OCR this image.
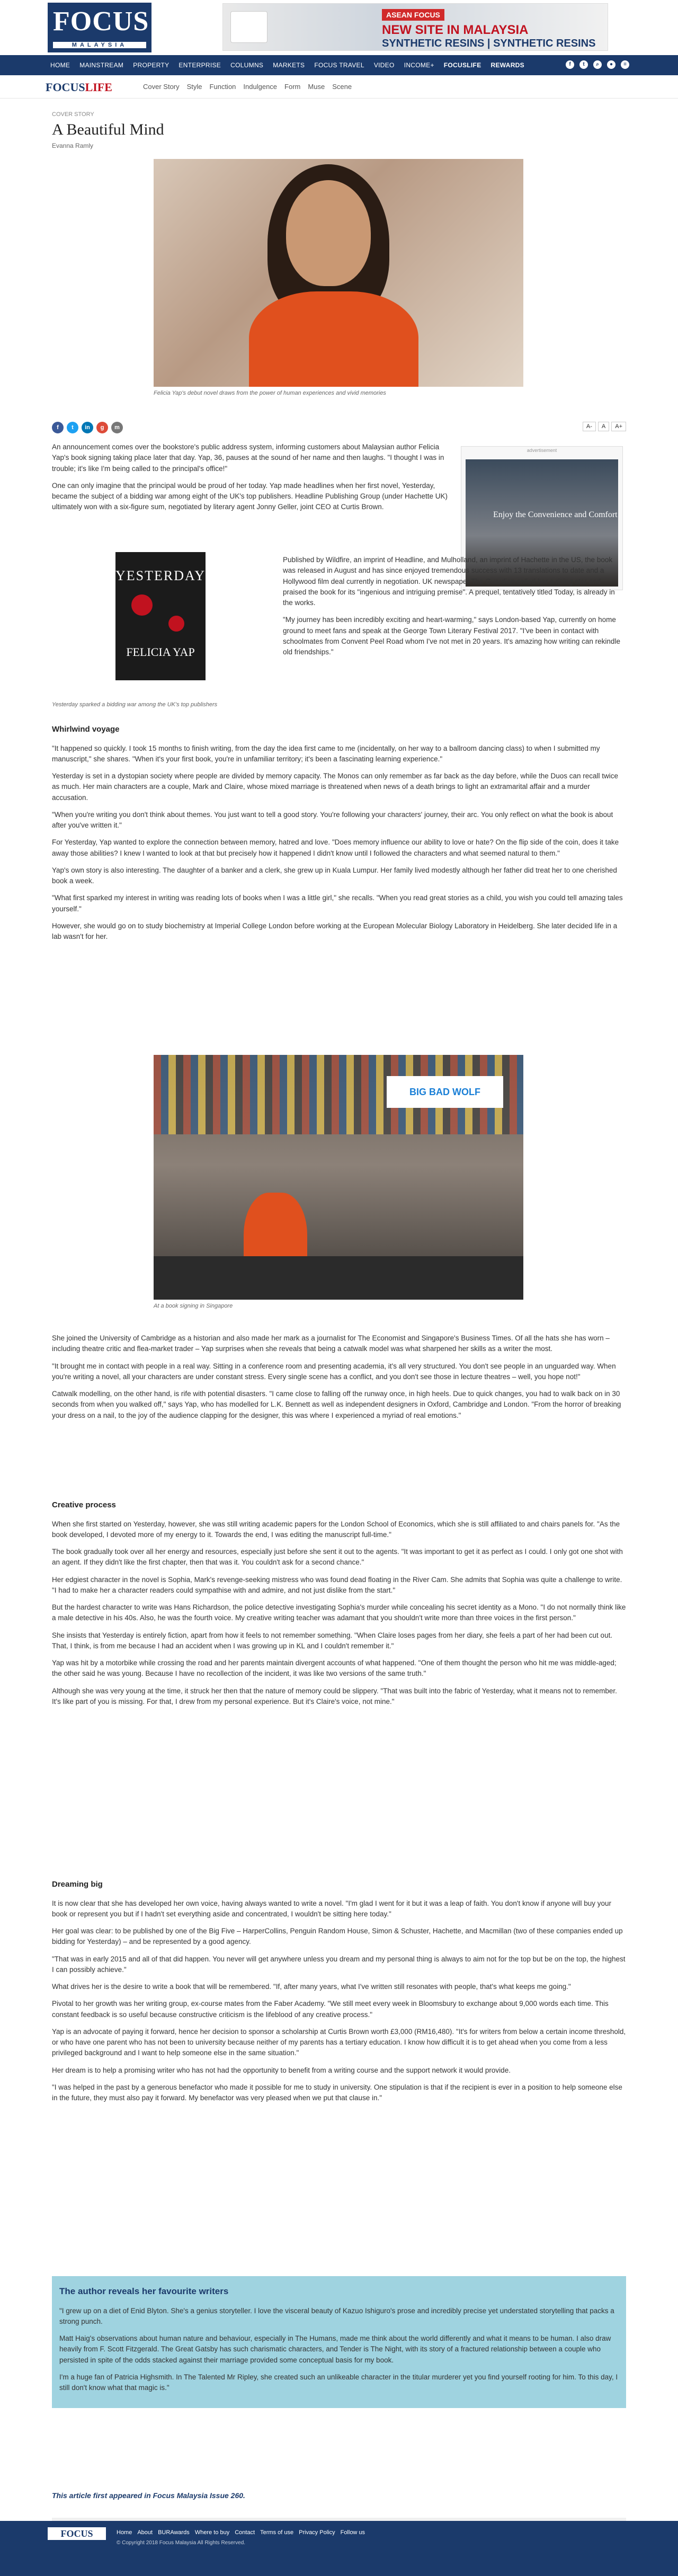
FOCUS
MALAYSIA
ASEAN FOCUS
NEW SITE IN MALAYSIA
SYNTHETIC RESINS | SYNTHETIC RESINS
HOME	MAINSTREAM	PROPERTY	ENTERPRISE	COLUMNS	MARKETS	FOCUS TRAVEL	VIDEO	INCOME+	FOCUSLIFE	REWARDS	f	t	⌕	●	≡
FOCUSLIFE	Cover Story Style Function Indulgence Form Muse Scene
COVER STORY
A Beautiful Mind
Evanna Ramly
Felicia Yap's debut novel draws from the power of human experiences and vivid memories
f	t	in	g	m	A-	A	A+

An announcement comes over the bookstore's public address system, informing customers about Malaysian author Felicia Yap's book signing taking place later that day. Yap, 36, pauses at the sound of her name and then laughs. "I thought I was in trouble; it's like I'm being called to the principal's office!"

One can only imagine that the principal would be proud of her today. Yap made headlines when her first novel, Yesterday, became the subject of a bidding war among eight of the UK's top publishers. Headline Publishing Group (under Hachette UK) ultimately won with a six-figure sum, negotiated by literary agent Jonny Geller, joint CEO at Curtis Brown.

advertisement
Enjoy the Convenience and Comfort
YESTERDAY
FELICIA YAP
Yesterday sparked a bidding war among the UK's top publishers

Published by Wildfire, an imprint of Headline, and Mulholland, an imprint of Hachette in the US, the book was released in August and has since enjoyed tremendous success with 13 translations to date and a Hollywood film deal currently in negotiation. UK newspaper The Guardian called her a rising star and praised the book for its "ingenious and intriguing premise". A prequel, tentatively titled Today, is already in the works.

"My journey has been incredibly exciting and heart-warming," says London-based Yap, currently on home ground to meet fans and speak at the George Town Literary Festival 2017. "I've been in contact with schoolmates from Convent Peel Road whom I've not met in 20 years. It's amazing how writing can rekindle old friendships."

Whirlwind voyage

"It happened so quickly. I took 15 months to finish writing, from the day the idea first came to me (incidentally, on her way to a ballroom dancing class) to when I submitted my manuscript," she shares. "When it's your first book, you're in unfamiliar territory; it's been a fascinating learning experience."

Yesterday is set in a dystopian society where people are divided by memory capacity. The Monos can only remember as far back as the day before, while the Duos can recall twice as much. Her main characters are a couple, Mark and Claire, whose mixed marriage is threatened when news of a death brings to light an extramarital affair and a murder accusation.

"When you're writing you don't think about themes. You just want to tell a good story. You're following your characters' journey, their arc. You only reflect on what the book is about after you've written it."

For Yesterday, Yap wanted to explore the connection between memory, hatred and love. "Does memory influence our ability to love or hate? On the flip side of the coin, does it take away those abilities? I knew I wanted to look at that but precisely how it happened I didn't know until I followed the characters and what seemed natural to them."

Yap's own story is also interesting. The daughter of a banker and a clerk, she grew up in Kuala Lumpur. Her family lived modestly although her father did treat her to one cherished book a week.

"What first sparked my interest in writing was reading lots of books when I was a little girl," she recalls. "When you read great stories as a child, you wish you could tell amazing tales yourself."

However, she would go on to study biochemistry at Imperial College London before working at the European Molecular Biology Laboratory in Heidelberg. She later decided life in a lab wasn't for her.

BIG BAD WOLF
At a book signing in Singapore

She joined the University of Cambridge as a historian and also made her mark as a journalist for The Economist and Singapore's Business Times. Of all the hats she has worn – including theatre critic and flea-market trader – Yap surprises when she reveals that being a catwalk model was what sharpened her skills as a writer the most.

"It brought me in contact with people in a real way. Sitting in a conference room and presenting academia, it's all very structured. You don't see people in an unguarded way. When you're writing a novel, all your characters are under constant stress. Every single scene has a conflict, and you don't see those in lecture theatres – well, you hope not!"

Catwalk modelling, on the other hand, is rife with potential disasters. "I came close to falling off the runway once, in high heels. Due to quick changes, you had to walk back on in 30 seconds from when you walked off," says Yap, who has modelled for L.K. Bennett as well as independent designers in Oxford, Cambridge and London. "From the horror of breaking your dress on a nail, to the joy of the audience clapping for the designer, this was where I experienced a myriad of real emotions."

Creative process

When she first started on Yesterday, however, she was still writing academic papers for the London School of Economics, which she is still affiliated to and chairs panels for. "As the book developed, I devoted more of my energy to it. Towards the end, I was editing the manuscript full-time."

The book gradually took over all her energy and resources, especially just before she sent it out to the agents. "It was important to get it as perfect as I could. I only got one shot with an agent. If they didn't like the first chapter, then that was it. You couldn't ask for a second chance."

Her edgiest character in the novel is Sophia, Mark's revenge-seeking mistress who was found dead floating in the River Cam. She admits that Sophia was quite a challenge to write. "I had to make her a character readers could sympathise with and admire, and not just dislike from the start."

But the hardest character to write was Hans Richardson, the police detective investigating Sophia's murder while concealing his secret identity as a Mono. "I do not normally think like a male detective in his 40s. Also, he was the fourth voice. My creative writing teacher was adamant that you shouldn't write more than three voices in the first person."

She insists that Yesterday is entirely fiction, apart from how it feels to not remember something. "When Claire loses pages from her diary, she feels a part of her had been cut out. That, I think, is from me because I had an accident when I was growing up in KL and I couldn't remember it."

Yap was hit by a motorbike while crossing the road and her parents maintain divergent accounts of what happened. "One of them thought the person who hit me was middle-aged; the other said he was young. Because I have no recollection of the incident, it was like two versions of the same truth."

Although she was very young at the time, it struck her then that the nature of memory could be slippery. "That was built into the fabric of Yesterday, what it means not to remember. It's like part of you is missing. For that, I drew from my personal experience. But it's Claire's voice, not mine."

Dreaming big

It is now clear that she has developed her own voice, having always wanted to write a novel. "I'm glad I went for it but it was a leap of faith. You don't know if anyone will buy your book or represent you but if I hadn't set everything aside and concentrated, I wouldn't be sitting here today."

Her goal was clear: to be published by one of the Big Five – HarperCollins, Penguin Random House, Simon & Schuster, Hachette, and Macmillan (two of these companies ended up bidding for Yesterday) – and be represented by a good agency.

"That was in early 2015 and all of that did happen. You never will get anywhere unless you dream and my personal thing is always to aim not for the top but be on the top, the highest I can possibly achieve."

What drives her is the desire to write a book that will be remembered. "If, after many years, what I've written still resonates with people, that's what keeps me going."

Pivotal to her growth was her writing group, ex-course mates from the Faber Academy. "We still meet every week in Bloomsbury to exchange about 9,000 words each time. This constant feedback is so useful because constructive criticism is the lifeblood of any creative process."

Yap is an advocate of paying it forward, hence her decision to sponsor a scholarship at Curtis Brown worth £3,000 (RM16,480). "It's for writers from below a certain income threshold, or who have one parent who has not been to university because neither of my parents has a tertiary education. I know how difficult it is to get ahead when you come from a less privileged background and I want to help someone else in the same situation."

Her dream is to help a promising writer who has not had the opportunity to benefit from a writing course and the support network it would provide.

"I was helped in the past by a generous benefactor who made it possible for me to study in university. One stipulation is that if the recipient is ever in a position to help someone else in the future, they must also pay it forward. My benefactor was very pleased when we put that clause in."

The author reveals her favourite writers

"I grew up on a diet of Enid Blyton. She's a genius storyteller. I love the visceral beauty of Kazuo Ishiguro's prose and incredibly precise yet understated storytelling that packs a strong punch.

Matt Haig's observations about human nature and behaviour, especially in The Humans, made me think about the world differently and what it means to be human. I also draw heavily from F. Scott Fitzgerald. The Great Gatsby has such charismatic characters, and Tender is The Night, with its story of a fractured relationship between a couple who persisted in spite of the odds stacked against their marriage provided some conceptual basis for my book.

I'm a huge fan of Patricia Highsmith. In The Talented Mr Ripley, she created such an unlikeable character in the titular murderer yet you find yourself rooting for him. To this day, I still don't know what that magic is."

This article first appeared in Focus Malaysia Issue 260.
FOCUS	Home About BURAwards Where to buy Contact Terms of use Privacy Policy Follow us
© Copyright 2018 Focus Malaysia All Rights Reserved.
